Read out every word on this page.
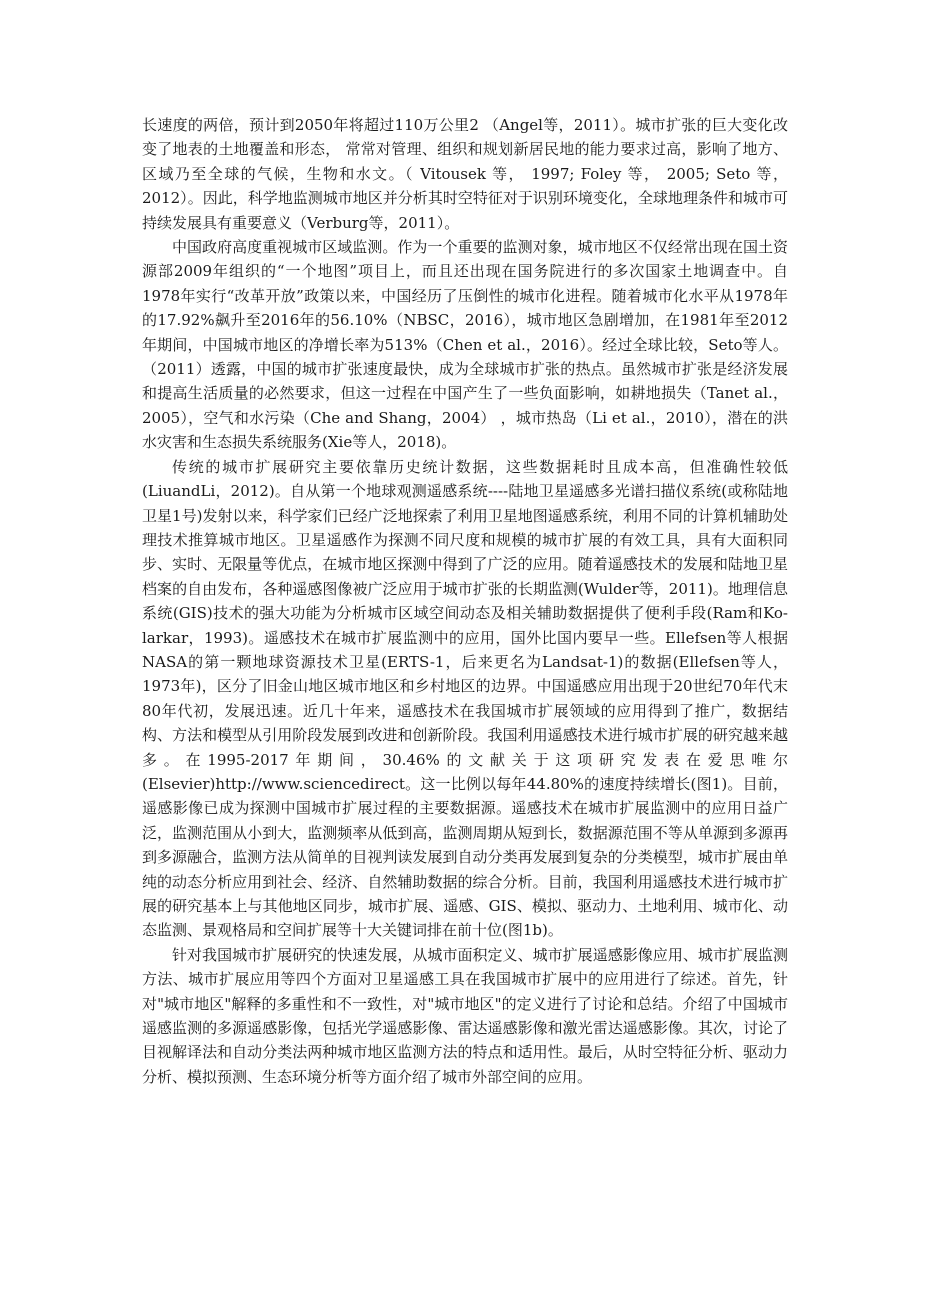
长速度的两倍，预计到2050年将超过110万公里2 （Angel等，2011）。城市扩张的巨大变化改变了地表的土地覆盖和形态， 常常对管理、组织和规划新居民地的能力要求过高，影响了地方、 区域乃至全球的气候，生物和水文。（ Vitousek 等， 1997; Foley 等， 2005; Seto 等， 2012）。因此，科学地监测城市地区并分析其时空特征对于识别环境变化，全球地理条件和城市可持续发展具有重要意义（Verburg等，2011）。

中国政府高度重视城市区域监测。作为一个重要的监测对象，城市地区不仅经常出现在国土资源部2009年组织的“一个地图”项目上，而且还出现在国务院进行的多次国家土地调查中。自1978年实行“改革开放”政策以来，中国经历了压倒性的城市化进程。随着城市化水平从1978年的17.92%飙升至2016年的56.10%（NBSC，2016），城市地区急剧增加，在1981年至2012年期间，中国城市地区的净增长率为513%（Chen et al.，2016）。经过全球比较，Seto等人。（2011）透露，中国的城市扩张速度最快，成为全球城市扩张的热点。虽然城市扩张是经济发展和提高生活质量的必然要求，但这一过程在中国产生了一些负面影响，如耕地损失（Tanet al.，2005），空气和水污染（Che and Shang，2004） ，城市热岛（Li et al.，2010），潜在的洪水灾害和生态损失系统服务(Xie等人，2018)。

传统的城市扩展研究主要依靠历史统计数据，这些数据耗时且成本高，但准确性较低(LiuandLi，2012)。自从第一个地球观测遥感系统----陆地卫星遥感多光谱扫描仪系统(或称陆地卫星1号)发射以来，科学家们已经广泛地探索了利用卫星地图遥感系统，利用不同的计算机辅助处理技术推算城市地区。卫星遥感作为探测不同尺度和规模的城市扩展的有效工具，具有大面积同步、实时、无限量等优点，在城市地区探测中得到了广泛的应用。随着遥感技术的发展和陆地卫星档案的自由发布，各种遥感图像被广泛应用于城市扩张的长期监测(Wulder等，2011)。地理信息系统(GIS)技术的强大功能为分析城市区域空间动态及相关辅助数据提供了便利手段(Ram和Ko-larkar，1993)。遥感技术在城市扩展监测中的应用，国外比国内要早一些。Ellefsen等人根据NASA的第一颗地球资源技术卫星(ERTS-1，后来更名为Landsat-1)的数据(Ellefsen等人，1973年)，区分了旧金山地区城市地区和乡村地区的边界。中国遥感应用出现于20世纪70年代末80年代初，发展迅速。近几十年来，遥感技术在我国城市扩展领域的应用得到了推广，数据结构、方法和模型从引用阶段发展到改进和创新阶段。我国利用遥感技术进行城市扩展的研究越来越多。在1995-2017年期间，30.46%的文献关于这项研究发表在爱思唯尔(Elsevier)http://www.sciencedirect。这一比例以每年44.80%的速度持续增长(图1)。目前，遥感影像已成为探测中国城市扩展过程的主要数据源。遥感技术在城市扩展监测中的应用日益广泛，监测范围从小到大，监测频率从低到高，监测周期从短到长，数据源范围不等从单源到多源再到多源融合，监测方法从简单的目视判读发展到自动分类再发展到复杂的分类模型，城市扩展由单纯的动态分析应用到社会、经济、自然辅助数据的综合分析。目前，我国利用遥感技术进行城市扩展的研究基本上与其他地区同步，城市扩展、遥感、GIS、模拟、驱动力、土地利用、城市化、动态监测、景观格局和空间扩展等十大关键词排在前十位(图1b)。

针对我国城市扩展研究的快速发展，从城市面积定义、城市扩展遥感影像应用、城市扩展监测方法、城市扩展应用等四个方面对卫星遥感工具在我国城市扩展中的应用进行了综述。首先，针对"城市地区"解释的多重性和不一致性，对"城市地区"的定义进行了讨论和总结。介绍了中国城市遥感监测的多源遥感影像，包括光学遥感影像、雷达遥感影像和激光雷达遥感影像。其次，讨论了目视解译法和自动分类法两种城市地区监测方法的特点和适用性。最后，从时空特征分析、驱动力分析、模拟预测、生态环境分析等方面介绍了城市外部空间的应用。
